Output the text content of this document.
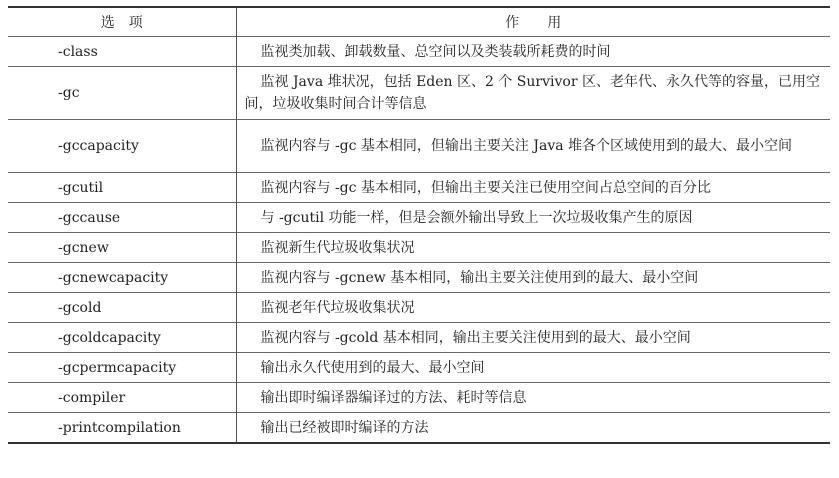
选　项	作　　用
-class	监视类加载、卸载数量、总空间以及类装载所耗费的时间
-gc	监视 Java 堆状况，包括 Eden 区、2 个 Survivor 区、老年代、永久代等的容量，已用空间，垃圾收集时间合计等信息
-gccapacity	监视内容与 -gc 基本相同，但输出主要关注 Java 堆各个区域使用到的最大、最小空间
-gcutil	监视内容与 -gc 基本相同，但输出主要关注已使用空间占总空间的百分比
-gccause	与 -gcutil 功能一样，但是会额外输出导致上一次垃圾收集产生的原因
-gcnew	监视新生代垃圾收集状况
-gcnewcapacity	监视内容与 -gcnew 基本相同，输出主要关注使用到的最大、最小空间
-gcold	监视老年代垃圾收集状况
-gcoldcapacity	监视内容与 -gcold 基本相同，输出主要关注使用到的最大、最小空间
-gcpermcapacity	输出永久代使用到的最大、最小空间
-compiler	输出即时编译器编译过的方法、耗时等信息
-printcompilation	输出已经被即时编译的方法
